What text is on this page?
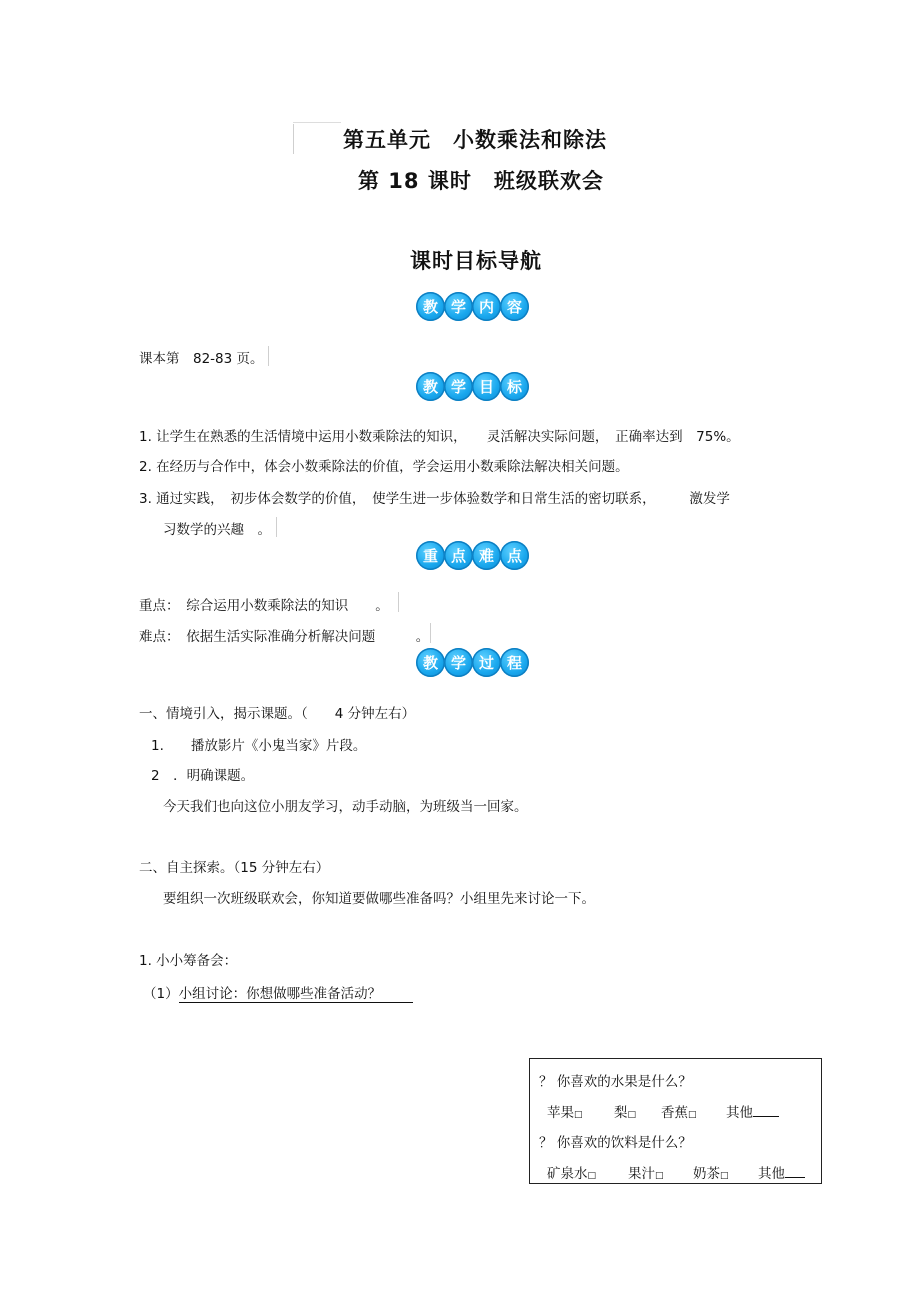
第五单元　小数乘法和除法
第 18 课时　班级联欢会
课时目标导航
教 学 内 容
课本第　82-83 页。
教 学 目 标
1. 让学生在熟悉的生活情境中运用小数乘除法的知识，　　灵活解决实际问题，　正确率达到　75%。
2. 在经历与合作中，体会小数乘除法的价值，学会运用小数乘除法解决相关问题。
3. 通过实践，　初步体会数学的价值，　使学生进一步体验数学和日常生活的密切联系，　　　激发学
习数学的兴趣　。
重 点 难 点
重点：　综合运用小数乘除法的知识　　。
难点：　依据生活实际准确分析解决问题　　　。
教 学 过 程
一、情境引入，揭示课题。（　　4 分钟左右）
1.　　播放影片《小鬼当家》片段。
2　．明确课题。
今天我们也向这位小朋友学习，动手动脑，为班级当一回家。
二、自主探索。（15 分钟左右）
要组织一次班级联欢会，你知道要做哪些准备吗？小组里先来讨论一下。
1. 小小筹备会：
（1）小组讨论：你想做哪些准备活动？
？ 你喜欢的水果是什么？
苹果□ 梨□ 香蕉□ 其他
？ 你喜欢的饮料是什么？
矿泉水□ 果汁□ 奶茶□ 其他
